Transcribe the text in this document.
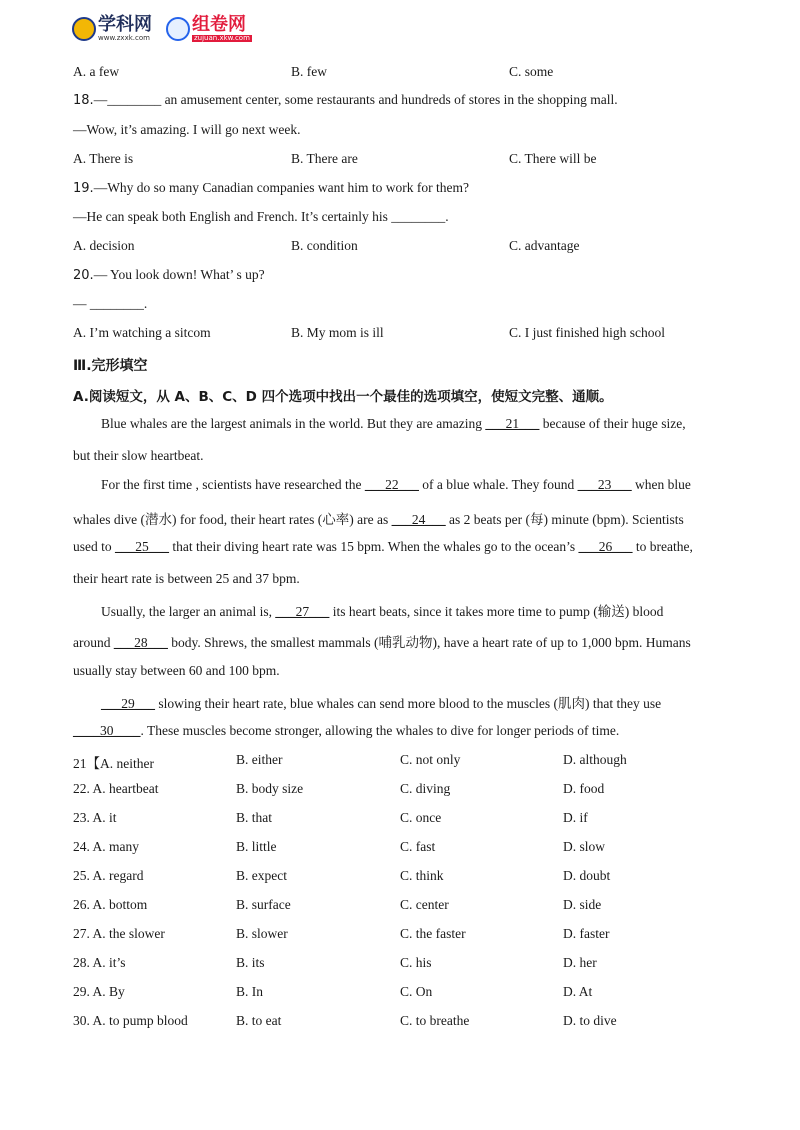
学科网
www.zxxk.com
组卷网
zujuan.xkw.com
A. a few	B. few	C. some
18.—________ an amusement center, some restaurants and hundreds of stores in the shopping mall.
—Wow, it’s amazing. I will go next week.
A. There is	B. There are	C. There will be
19.—Why do so many Canadian companies want him to work for them?
—He can speak both English and French. It’s certainly his ________.
A. decision	B. condition	C. advantage
20.— You look down! What’ s up?
— ________.
A. I’m watching a sitcom	B. My mom is ill	C. I just finished high school
Ⅲ.完形填空
A.阅读短文，从 A、B、C、D 四个选项中找出一个最佳的选项填空，使短文完整、通顺。
Blue whales are the largest animals in the world. But they are amazing ___21___ because of their huge size,
but their slow heartbeat.
For the first time , scientists have researched the ___22___ of a blue whale. They found ___23___ when blue
whales dive (潜水) for food, their heart rates (心率) are as ___24___ as 2 beats per (每) minute (bpm). Scientists
used to ___25___ that their diving heart rate was 15 bpm. When the whales go to the ocean’s ___26___ to breathe,
their heart rate is between 25 and 37 bpm.
Usually, the larger an animal is, ___27___ its heart beats, since it takes more time to pump (输送) blood
around ___28___ body. Shrews, the smallest mammals (哺乳动物), have a heart rate of up to 1,000 bpm. Humans
usually stay between 60 and 100 bpm.
___29___ slowing their heart rate, blue whales can send more blood to the muscles (肌肉) that they use
____30____. These muscles become stronger, allowing the whales to dive for longer periods of time.
21【A. neither	B. either	C. not only	D. although
22. A. heartbeat	B. body size	C. diving	D. food
23. A. it	B. that	C. once	D. if
24. A. many	B. little	C. fast	D. slow
25. A. regard	B. expect	C. think	D. doubt
26. A. bottom	B. surface	C. center	D. side
27. A. the slower	B. slower	C. the faster	D. faster
28. A. it’s	B. its	C. his	D. her
29. A. By	B. In	C. On	D. At
30. A. to pump blood	B. to eat	C. to breathe	D. to dive
